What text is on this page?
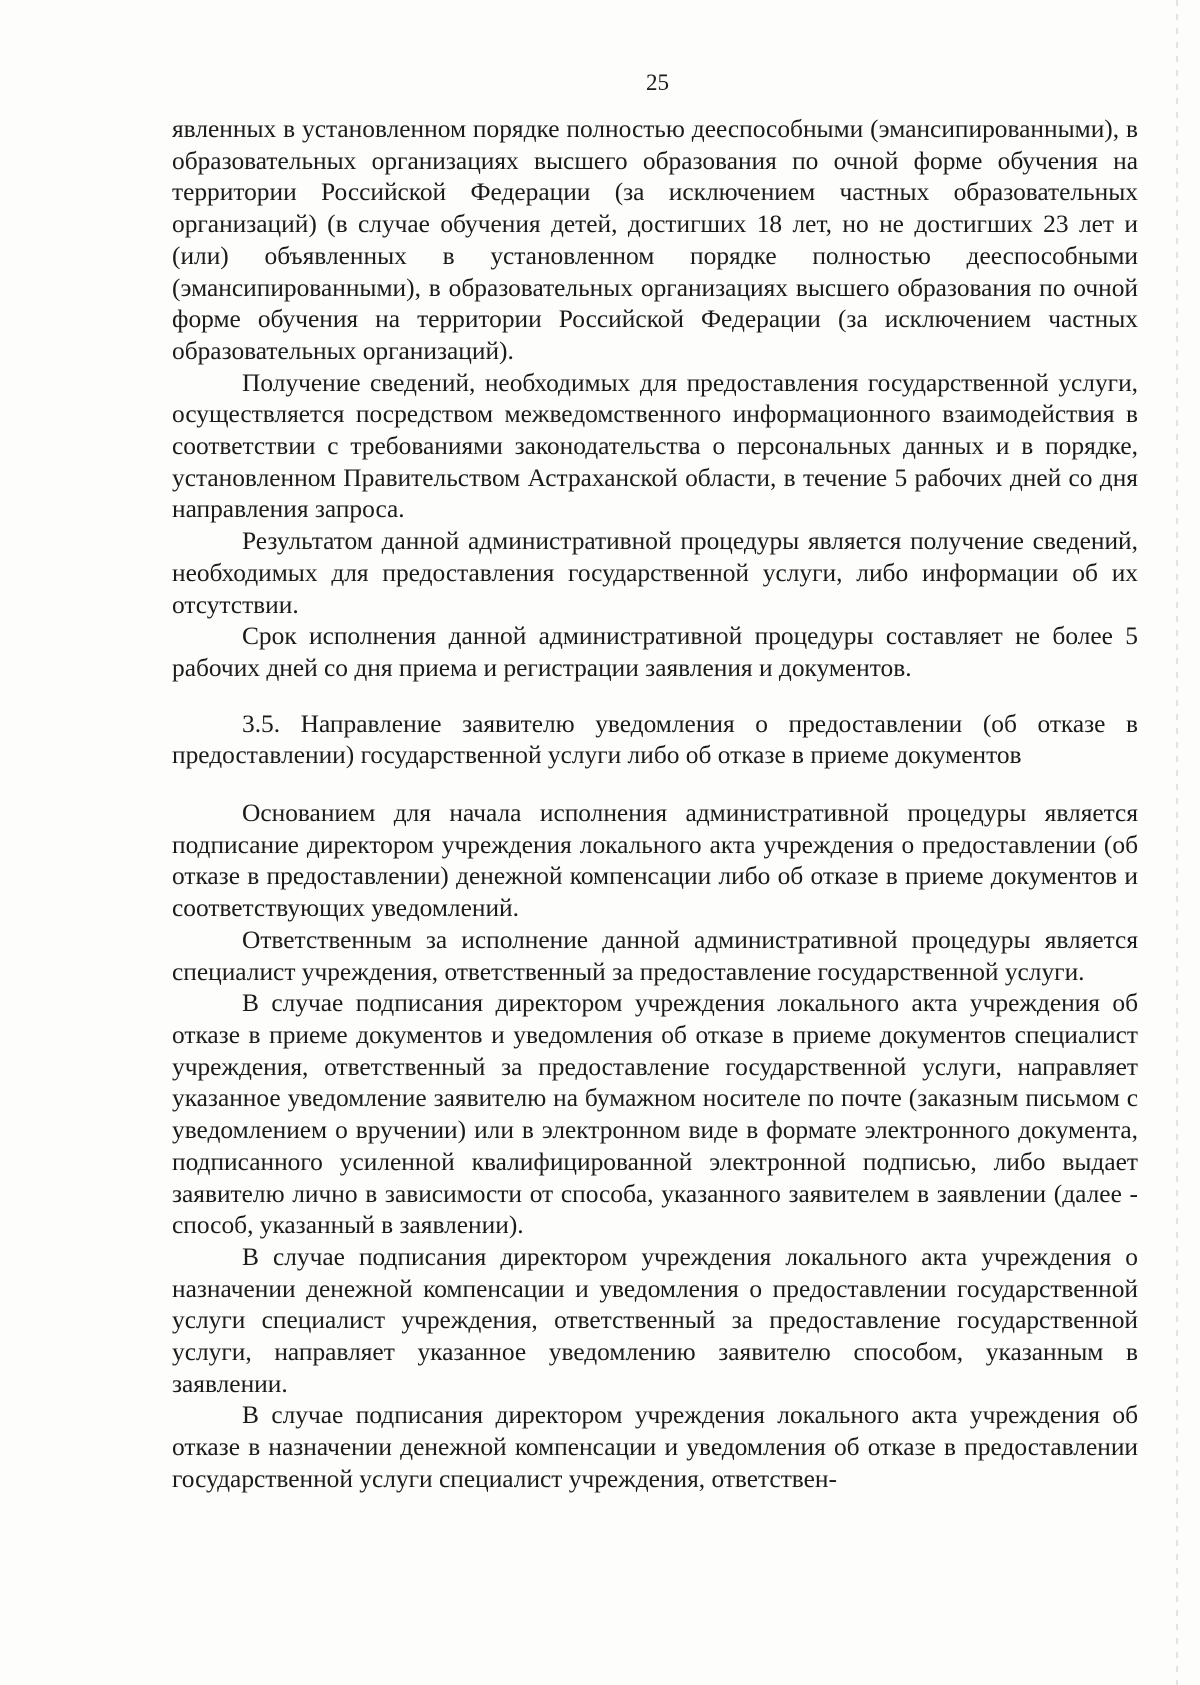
25

явленных в установленном порядке полностью дееспособными (эмансипированными), в образовательных организациях высшего образования по очной форме обучения на территории Российской Федерации (за исключением частных образовательных организаций) (в случае обучения детей, достигших 18 лет, но не достигших 23 лет и (или) объявленных в установленном порядке полностью дееспособными (эмансипированными), в образовательных организациях высшего образования по очной форме обучения на территории Российской Федерации (за исключением частных образовательных организаций).

Получение сведений, необходимых для предоставления государственной услуги, осуществляется посредством межведомственного информационного взаимодействия в соответствии с требованиями законодательства о персональных данных и в порядке, установленном Правительством Астраханской области, в течение 5 рабочих дней со дня направления запроса.

Результатом данной административной процедуры является получение сведений, необходимых для предоставления государственной услуги, либо информации об их отсутствии.

Срок исполнения данной административной процедуры составляет не более 5 рабочих дней со дня приема и регистрации заявления и документов.

3.5. Направление заявителю уведомления о предоставлении (об отказе в предоставлении) государственной услуги либо об отказе в приеме документов

Основанием для начала исполнения административной процедуры является подписание директором учреждения локального акта учреждения о предоставлении (об отказе в предоставлении) денежной компенсации либо об отказе в приеме документов и соответствующих уведомлений.

Ответственным за исполнение данной административной процедуры является специалист учреждения, ответственный за предоставление государственной услуги.

В случае подписания директором учреждения локального акта учреждения об отказе в приеме документов и уведомления об отказе в приеме документов специалист учреждения, ответственный за предоставление государственной услуги, направляет указанное уведомление заявителю на бумажном носителе по почте (заказным письмом с уведомлением о вручении) или в электронном виде в формате электронного документа, подписанного усиленной квалифицированной электронной подписью, либо выдает заявителю лично в зависимости от способа, указанного заявителем в заявлении (далее - способ, указанный в заявлении).

В случае подписания директором учреждения локального акта учреждения о назначении денежной компенсации и уведомления о предоставлении государственной услуги специалист учреждения, ответственный за предоставление государственной услуги, направляет указанное уведомлению заявителю способом, указанным в заявлении.

В случае подписания директором учреждения локального акта учреждения об отказе в назначении денежной компенсации и уведомления об отказе в предоставлении государственной услуги специалист учреждения, ответствен-
